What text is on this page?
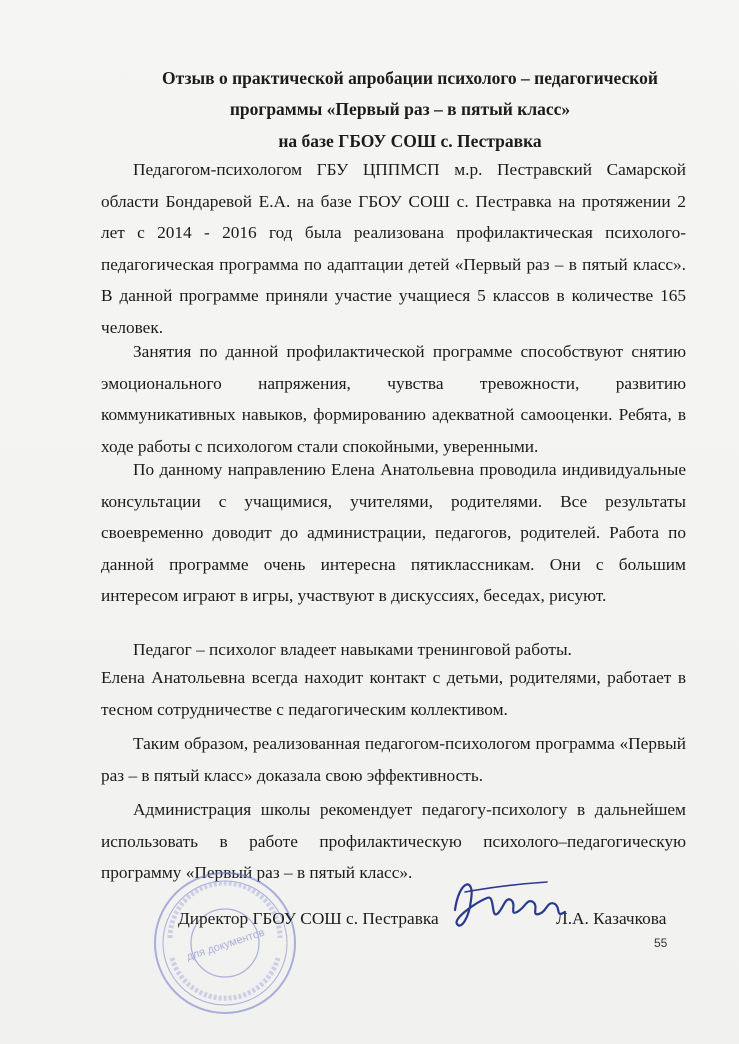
Отзыв о практической апробации психолого – педагогической
программы «Первый раз – в пятый класс»
на базе ГБОУ СОШ с. Пестравка

Педагогом-психологом ГБУ ЦППМСП м.р. Пестравский Самарской области Бондаревой Е.А. на базе ГБОУ СОШ с. Пестравка на протяжении 2 лет с 2014 - 2016 год была реализована профилактическая психолого-педагогическая программа по адаптации детей «Первый раз – в пятый класс». В данной программе приняли участие учащиеся 5 классов в количестве 165 человек.

Занятия по данной профилактической программе способствуют снятию эмоционального напряжения, чувства тревожности, развитию коммуникативных навыков, формированию адекватной самооценки. Ребята, в ходе работы с психологом стали спокойными, уверенными.

По данному направлению Елена Анатольевна проводила индивидуальные консультации с учащимися, учителями, родителями. Все результаты своевременно доводит до администрации, педагогов, родителей. Работа по данной программе очень интересна пятиклассникам. Они с большим интересом играют в игры, участвуют в дискуссиях, беседах, рисуют.

Педагог – психолог владеет навыками тренинговой работы.

Елена Анатольевна всегда находит контакт с детьми, родителями, работает в тесном сотрудничестве с педагогическим коллективом.

Таким образом, реализованная педагогом-психологом программа «Первый раз – в пятый класс» доказала свою эффективность.

Администрация школы рекомендует педагогу-психологу в дальнейшем использовать в работе профилактическую психолого–педагогическую программу «Первый раз – в пятый класс».

для документов
Директор ГБОУ СОШ с. Пестравка	Л.А. Казачкова
55
